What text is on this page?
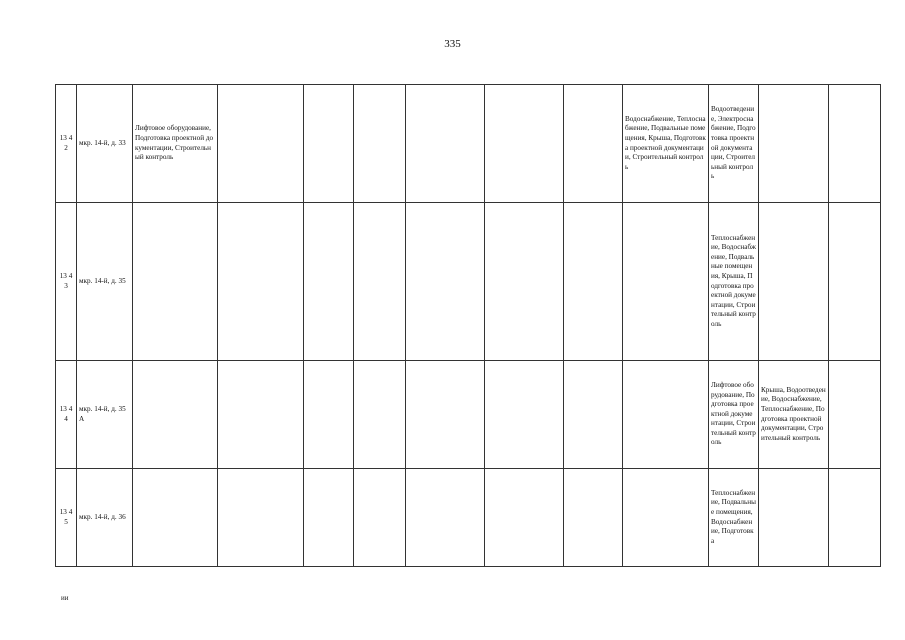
335
13 42	мкр. 14-й, д. 33	Лифтовое оборудование, Подготовка проектной документации, Строительный контроль							Водоснабжение, Теплоснабжение, Подвальные помещения, Крыша, Подготовка проектной документации, Строительный контроль	Водоотведение, Электроснабжение, Подготовка проектной документации, Строительный контроль		
13 43	мкр. 14-й, д. 35									Теплоснабжение, Водоснабжение, Подвальные помещения, Крыша, Подготовка проектной документации, Строительный контроль		
13 44	мкр. 14-й, д. 35А									Лифтовое оборудование, Подготовка проектной документации, Строительный контроль	Крыша, Водоотведение, Водоснабжение, Теплоснабжение, Подготовка проектной документации, Строительный контроль	
13 45	мкр. 14-й, д. 36									Теплоснабжение, Подвальные помещения, Водоснабжение, Подготовка		
ии
